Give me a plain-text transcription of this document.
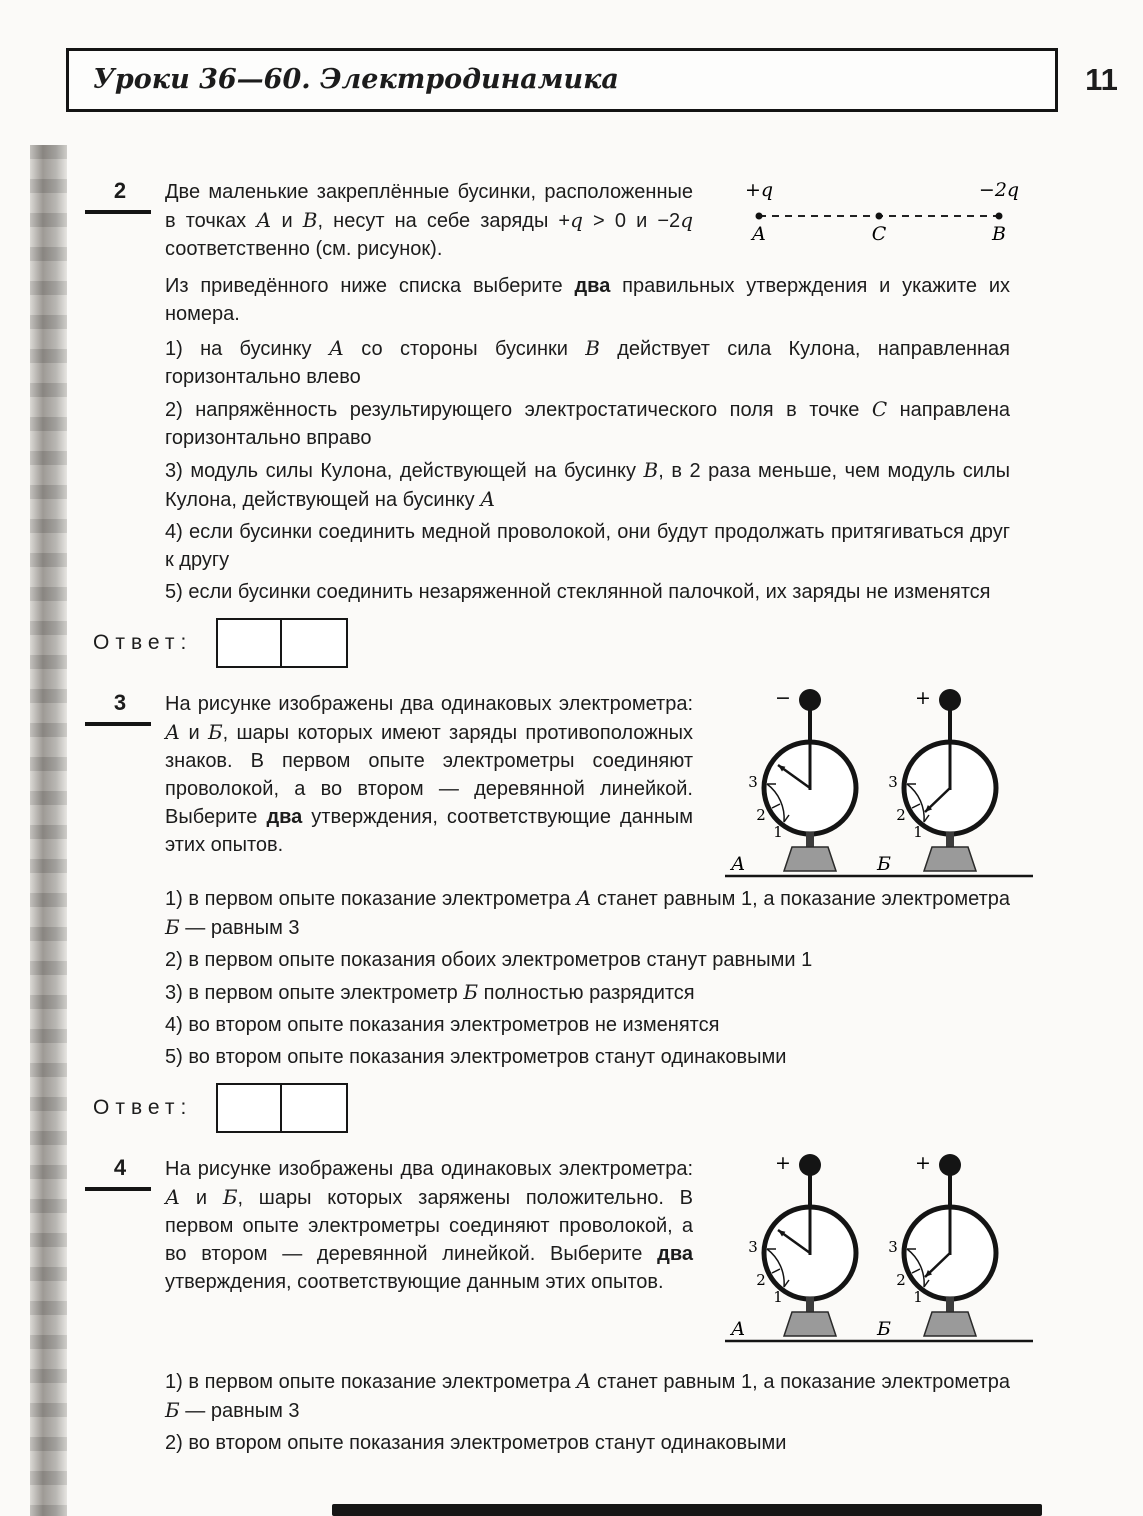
Уроки 36—60. Электродинамика	11
2	+q	−2q
А	С	В

Две маленькие закреплённые бусинки, расположенные в точках А и В, несут на себе заряды +q > 0 и −2q соответственно (см. рисунок).

Из приведённого ниже списка выберите два правильных утверждения и укажите их номера.

1) на бусинку А со стороны бусинки В действует сила Кулона, направленная горизонтально влево

2) напряжённость результирующего электростатического поля в точке С направлена горизонтально вправо

3) модуль силы Кулона, действующей на бусинку В, в 2 раза меньше, чем модуль силы Кулона, действующей на бусинку А

4) если бусинки соединить медной проволокой, они будут продолжать притягиваться друг к другу

5) если бусинки соединить незаряженной стеклянной палочкой, их заряды не изменятся

Ответ:
3	−
3
2
1
+
3
2
1
А	Б

На рисунке изображены два одинаковых электрометра: А и Б, шары которых имеют заряды противоположных знаков. В первом опыте электрометры соединяют проволокой, а во втором — деревянной линейкой. Выберите два утверждения, соответствующие данным этих опытов.

1) в первом опыте показание электрометра А станет равным 1, а показание электрометра Б — равным 3

2) в первом опыте показания обоих электрометров станут равными 1

3) в первом опыте электрометр Б полностью разрядится

4) во втором опыте показания электрометров не изменятся

5) во втором опыте показания электрометров станут одинаковыми

Ответ:
4	+
3
2
1
+
3
2
1
А	Б

На рисунке изображены два одинаковых электрометра: А и Б, шары которых заряжены положительно. В первом опыте электрометры соединяют проволокой, а во втором — деревянной линейкой. Выберите два утверждения, соответствующие данным этих опытов.

1) в первом опыте показание электрометра А станет равным 1, а показание электрометра Б — равным 3

2) во втором опыте показания электрометров станут одинаковыми
